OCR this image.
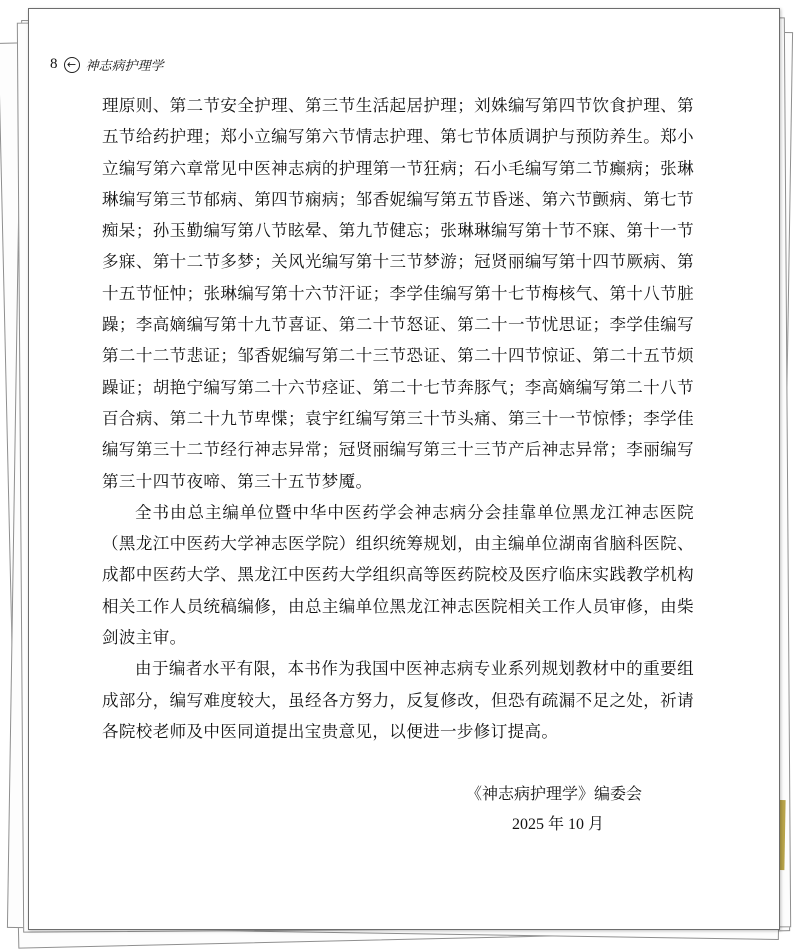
8 ← 神志病护理学

理原则、第二节安全护理、第三节生活起居护理；刘姝编写第四节饮食护理、第五节给药护理；郑小立编写第六节情志护理、第七节体质调护与预防养生。郑小立编写第六章常见中医神志病的护理第一节狂病；石小毛编写第二节癫病；张琳琳编写第三节郁病、第四节痫病；邹香妮编写第五节昏迷、第六节颤病、第七节痴呆；孙玉勤编写第八节眩晕、第九节健忘；张琳琳编写第十节不寐、第十一节多寐、第十二节多梦；关风光编写第十三节梦游；冠贤丽编写第十四节厥病、第十五节怔忡；张琳编写第十六节汗证；李学佳编写第十七节梅核气、第十八节脏躁；李高嫡编写第十九节喜证、第二十节怒证、第二十一节忧思证；李学佳编写第二十二节悲证；邹香妮编写第二十三节恐证、第二十四节惊证、第二十五节烦躁证；胡艳宁编写第二十六节痉证、第二十七节奔豚气；李高嫡编写第二十八节百合病、第二十九节卑惵；袁宇红编写第三十节头痛、第三十一节惊悸；李学佳编写第三十二节经行神志异常；冠贤丽编写第三十三节产后神志异常；李丽编写第三十四节夜啼、第三十五节梦魇。

全书由总主编单位暨中华中医药学会神志病分会挂靠单位黑龙江神志医院（黑龙江中医药大学神志医学院）组织统筹规划，由主编单位湖南省脑科医院、成都中医药大学、黑龙江中医药大学组织高等医药院校及医疗临床实践教学机构相关工作人员统稿编修，由总主编单位黑龙江神志医院相关工作人员审修，由柴剑波主审。

由于编者水平有限，本书作为我国中医神志病专业系列规划教材中的重要组成部分，编写难度较大，虽经各方努力，反复修改，但恐有疏漏不足之处，祈请各院校老师及中医同道提出宝贵意见，以便进一步修订提高。

《神志病护理学》编委会
2025 年 10 月
